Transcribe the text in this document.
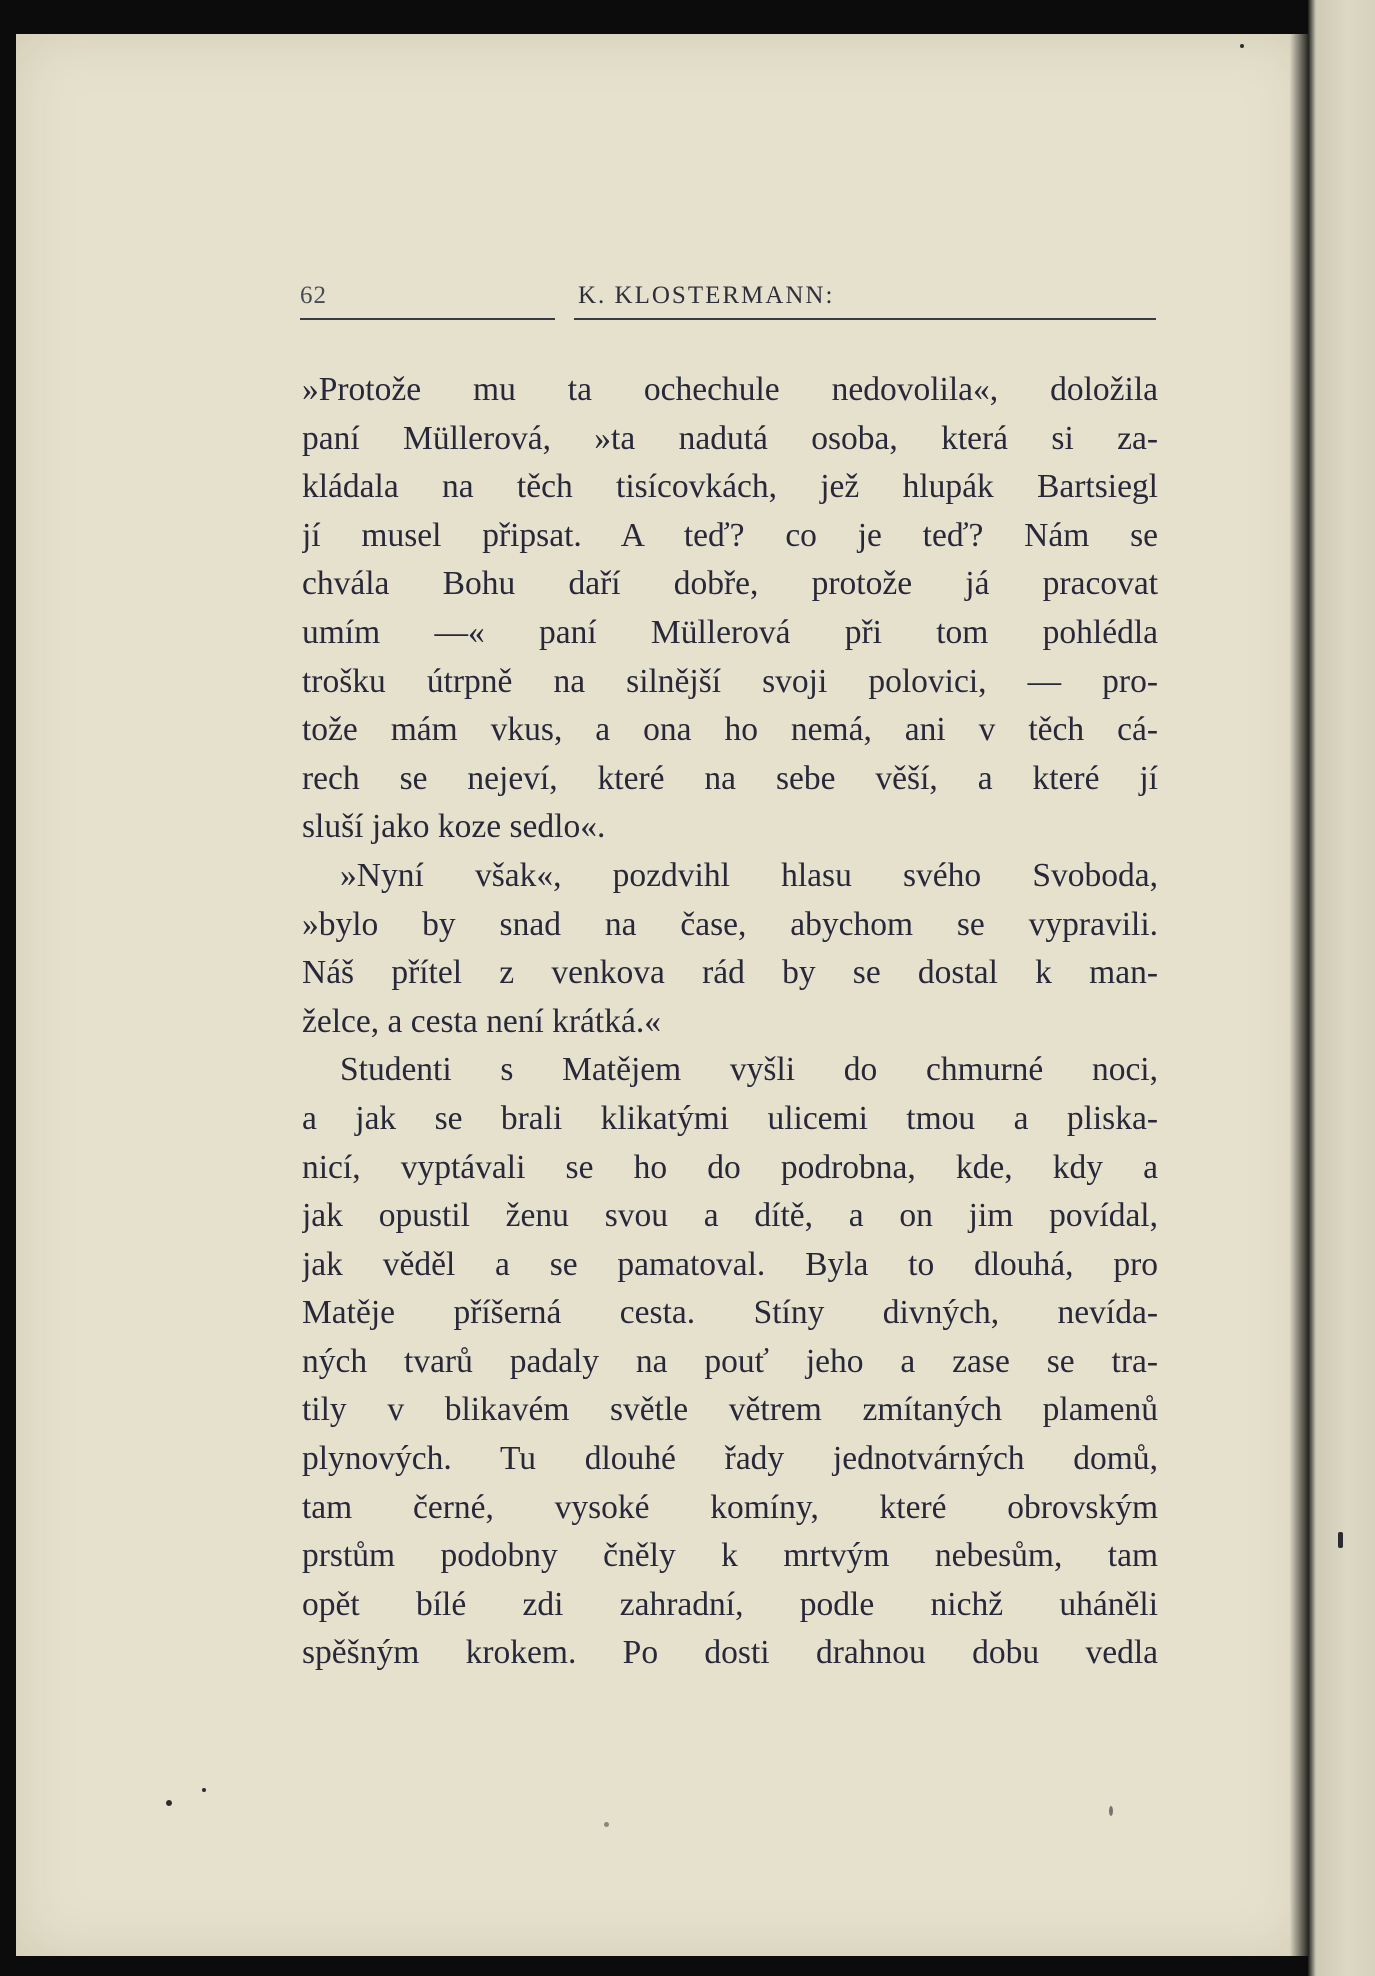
62	K. KLOSTERMANN:
»Protože mu ta ochechule nedovolila«, doložila
paní Müllerová, »ta nadutá osoba, která si za-
kládala na těch tisícovkách, jež hlupák Bartsiegl
jí musel připsat. A teď? co je teď? Nám se
chvála Bohu daří dobře, protože já pracovat
umím —« paní Müllerová při tom pohlédla
trošku útrpně na silnější svoji polovici, — pro-
tože mám vkus, a ona ho nemá, ani v těch cá-
rech se nejeví, které na sebe věší, a které jí
sluší jako koze sedlo«.
»Nyní však«, pozdvihl hlasu svého Svoboda,
»bylo by snad na čase, abychom se vypravili.
Náš přítel z venkova rád by se dostal k man-
želce, a cesta není krátká.«
Studenti s Matějem vyšli do chmurné noci,
a jak se brali klikatými ulicemi tmou a pliska-
nicí, vyptávali se ho do podrobna, kde, kdy a
jak opustil ženu svou a dítě, a on jim povídal,
jak věděl a se pamatoval. Byla to dlouhá, pro
Matěje příšerná cesta. Stíny divných, nevída-
ných tvarů padaly na pouť jeho a zase se tra-
tily v blikavém světle větrem zmítaných plamenů
plynových. Tu dlouhé řady jednotvárných domů,
tam černé, vysoké komíny, které obrovským
prstům podobny čněly k mrtvým nebesům, tam
opět bílé zdi zahradní, podle nichž uháněli
spěšným krokem. Po dosti drahnou dobu vedla
